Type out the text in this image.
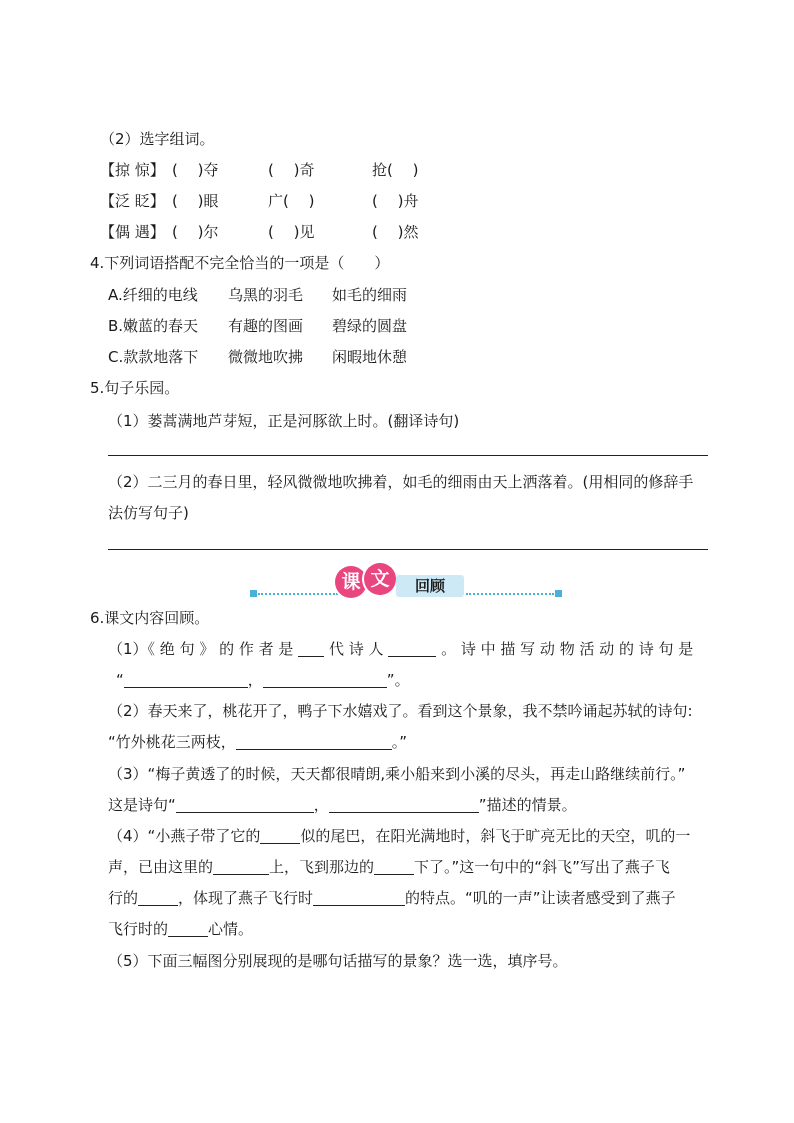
（2）选字组词。
【掠 惊】 (　 )夺	(　 )奇	抢(　 )
【泛 眨】 (　 )眼	广(　 )	(　 )舟
【偶 遇】 (　 )尔	(　 )见	(　 )然
4.下列词语搭配不完全恰当的一项是（　　）
A.纤细的电线 乌黑的羽毛 如毛的细雨
B.嫩蓝的春天 有趣的图画 碧绿的圆盘
C.款款地落下 微微地吹拂 闲暇地休憩
5.句子乐园。
（1）蒌蒿满地芦芽短，正是河豚欲上时。(翻译诗句)
（2）二三月的春日里，轻风微微地吹拂着，如毛的细雨由天上洒落着。(用相同的修辞手
法仿写句子)
课 文	回顾
6.课文内容回顾。
（1）《 绝 句 》 的 作 者 是 代 诗 人	。 诗 中 描 写 动 物 活 动 的 诗 句 是
“	，	”。
（2）春天来了，桃花开了，鸭子下水嬉戏了。看到这个景象，我不禁吟诵起苏轼的诗句:
“竹外桃花三两枝，	。”
（3）“梅子黄透了的时候，天天都很晴朗,乘小船来到小溪的尽头，再走山路继续前行。”
这是诗句“	，	”描述的情景。
（4）“小燕子带了它的	似的尾巴，在阳光满地时，斜飞于旷亮无比的天空，叽的一
声，已由这里的	上，飞到那边的	下了。”这一句中的“斜飞”写出了燕子飞
行的	，体现了燕子飞行时	的特点。“叽的一声”让读者感受到了燕子
飞行时的	心情。
（5）下面三幅图分别展现的是哪句话描写的景象？选一选，填序号。
